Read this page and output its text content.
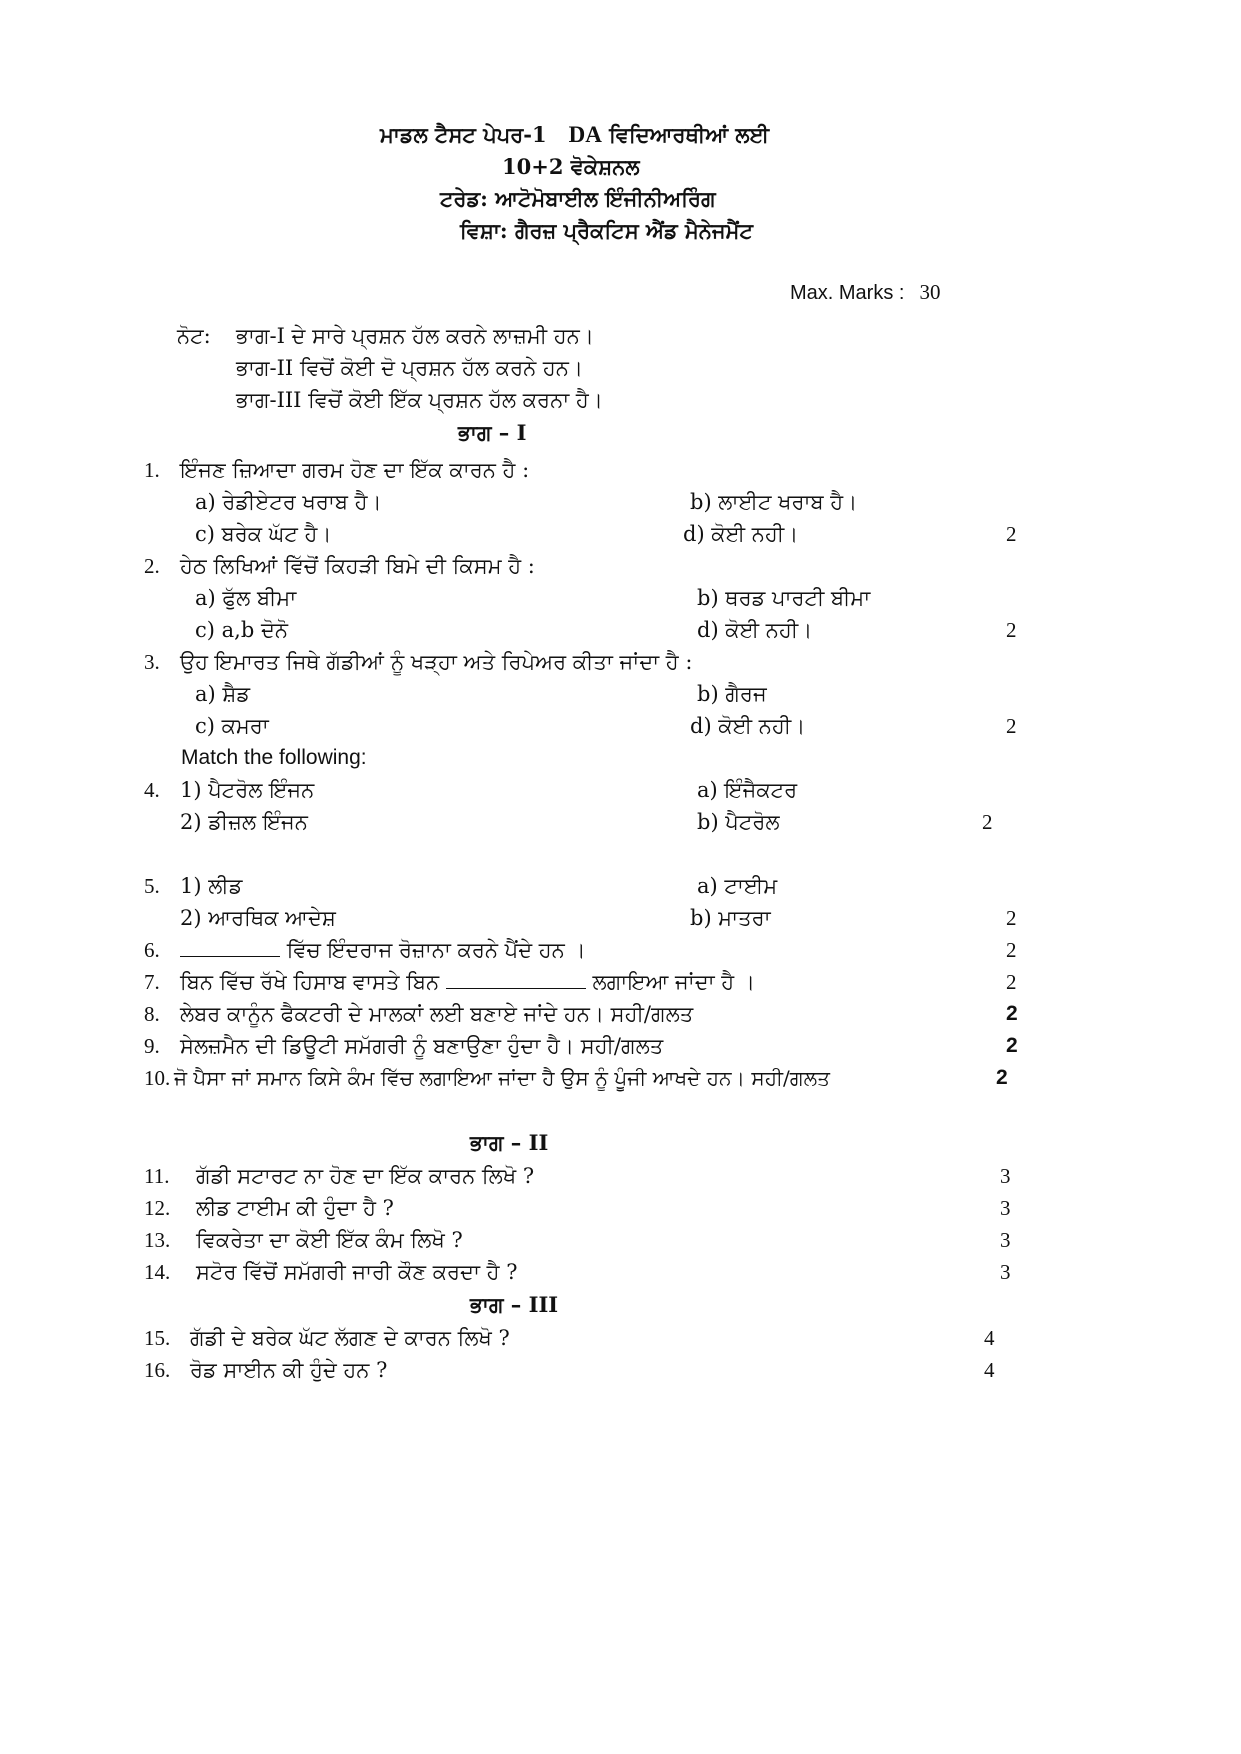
ਮਾਡਲ ਟੈਸਟ ਪੇਪਰ-1 DA ਵਿਦਿਆਰਥੀਆਂ ਲਈ
10+2 ਵੋਕੇਸ਼ਨਲ
ਟਰੇਡ: ਆਟੋਮੋਬਾਈਲ ਇੰਜੀਨੀਅਰਿੰਗ
ਵਿਸ਼ਾ: ਗੈਰਜ਼ ਪ੍ਰੈਕਟਿਸ ਐਂਡ ਮੈਨੇਜਮੈਂਟ
Max. Marks : 30
ਨੋਟ: ਭਾਗ-I ਦੇ ਸਾਰੇ ਪ੍ਰਸ਼ਨ ਹੱਲ ਕਰਨੇ ਲਾਜ਼ਮੀ ਹਨ।
ਭਾਗ-II ਵਿਚੋਂ ਕੋਈ ਦੋ ਪ੍ਰਸ਼ਨ ਹੱਲ ਕਰਨੇ ਹਨ।
ਭਾਗ-III ਵਿਚੋਂ ਕੋਈ ਇੱਕ ਪ੍ਰਸ਼ਨ ਹੱਲ ਕਰਨਾ ਹੈ।
ਭਾਗ – I
1. ਇੰਜਣ ਜ਼ਿਆਦਾ ਗਰਮ ਹੋਣ ਦਾ ਇੱਕ ਕਾਰਨ ਹੈ :
a) ਰੇਡੀਏਟਰ ਖਰਾਬ ਹੈ।	b) ਲਾਈਟ ਖਰਾਬ ਹੈ।
c) ਬਰੇਕ ਘੱਟ ਹੈ।	d) ਕੋਈ ਨਹੀ।	2
2. ਹੇਠ ਲਿਖਿਆਂ ਵਿੱਚੋਂ ਕਿਹੜੀ ਬਿਮੇ ਦੀ ਕਿਸਮ ਹੈ :
a) ਫੁੱਲ ਬੀਮਾ	b) ਥਰਡ ਪਾਰਟੀ ਬੀਮਾ
c) a,b ਦੋਨੋ	d) ਕੋਈ ਨਹੀ।	2
3. ਉਹ ਇਮਾਰਤ ਜਿਥੇ ਗੱਡੀਆਂ ਨੂੰ ਖੜ੍ਹਾ ਅਤੇ ਰਿਪੇਅਰ ਕੀਤਾ ਜਾਂਦਾ ਹੈ :
a) ਸ਼ੈਡ	b) ਗੈਰਜ
c) ਕਮਰਾ	d) ਕੋਈ ਨਹੀ।	2
Match the following:
4. 1) ਪੈਟਰੋਲ ਇੰਜਨ	a) ਇੰਜੈਕਟਰ
2) ਡੀਜ਼ਲ ਇੰਜਨ	b) ਪੈਟਰੋਲ	2
5. 1) ਲੀਡ	a) ਟਾਈਮ
2) ਆਰਥਿਕ ਆਦੇਸ਼	b) ਮਾਤਰਾ	2
6.	ਵਿੱਚ ਇੰਦਰਾਜ ਰੋਜ਼ਾਨਾ ਕਰਨੇ ਪੈਂਦੇ ਹਨ ।	2
7. ਬਿਨ ਵਿੱਚ ਰੱਖੇ ਹਿਸਾਬ ਵਾਸਤੇ ਬਿਨ	ਲਗਾਇਆ ਜਾਂਦਾ ਹੈ ।	2
8. ਲੇਬਰ ਕਾਨੂੰਨ ਫੈਕਟਰੀ ਦੇ ਮਾਲਕਾਂ ਲਈ ਬਣਾਏ ਜਾਂਦੇ ਹਨ। ਸਹੀ/ਗਲਤ	2
9. ਸੇਲਜ਼ਮੈਨ ਦੀ ਡਿਊਟੀ ਸਮੱਗਰੀ ਨੂੰ ਬਣਾਉਣਾ ਹੁੰਦਾ ਹੈ। ਸਹੀ/ਗਲਤ	2
10. ਜੋ ਪੈਸਾ ਜਾਂ ਸਮਾਨ ਕਿਸੇ ਕੰਮ ਵਿੱਚ ਲਗਾਇਆ ਜਾਂਦਾ ਹੈ ਉਸ ਨੂੰ ਪੂੰਜੀ ਆਖਦੇ ਹਨ। ਸਹੀ/ਗਲਤ	2
ਭਾਗ – II
11. ਗੱਡੀ ਸਟਾਰਟ ਨਾ ਹੋਣ ਦਾ ਇੱਕ ਕਾਰਨ ਲਿਖੋ ?	3
12. ਲੀਡ ਟਾਈਮ ਕੀ ਹੁੰਦਾ ਹੈ ?	3
13. ਵਿਕਰੇਤਾ ਦਾ ਕੋਈ ਇੱਕ ਕੰਮ ਲਿਖੋ ?	3
14. ਸਟੋਰ ਵਿੱਚੋਂ ਸਮੱਗਰੀ ਜਾਰੀ ਕੌਣ ਕਰਦਾ ਹੈ ?	3
ਭਾਗ – III
15. ਗੱਡੀ ਦੇ ਬਰੇਕ ਘੱਟ ਲੱਗਣ ਦੇ ਕਾਰਨ ਲਿਖੋ ?	4
16. ਰੋਡ ਸਾਈਨ ਕੀ ਹੁੰਦੇ ਹਨ ?	4
